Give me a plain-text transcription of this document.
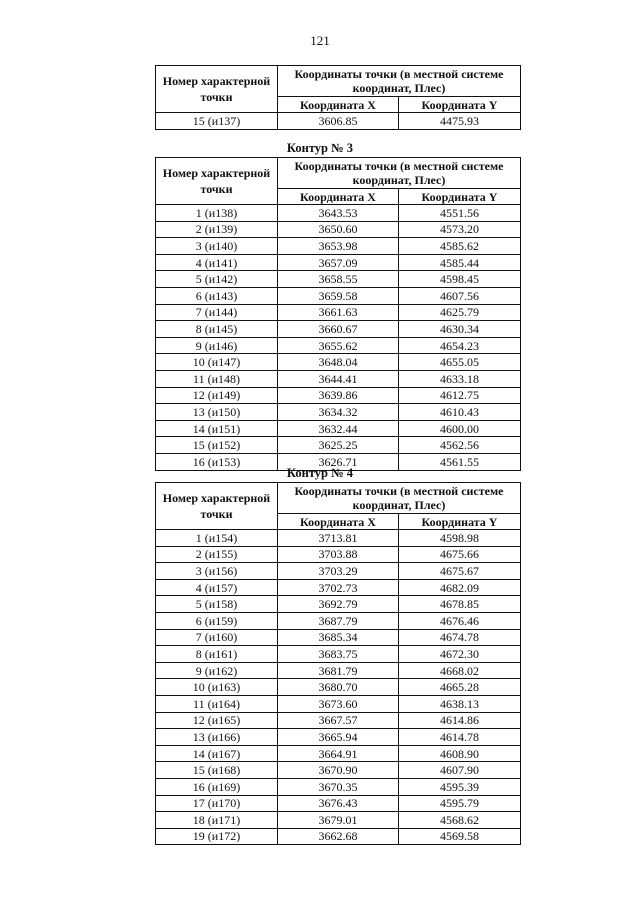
121
Номер характерной точки	Координаты точки (в местной системе координат, Плес)	
	Координата X	Координата Y
15 (и137)	3606.85	4475.93
Контур № 3
Номер характерной точки	Координаты точки (в местной системе координат, Плес)	
	Координата X	Координата Y
1 (и138)	3643.53	4551.56
2 (и139)	3650.60	4573.20
3 (и140)	3653.98	4585.62
4 (и141)	3657.09	4585.44
5 (и142)	3658.55	4598.45
6 (и143)	3659.58	4607.56
7 (и144)	3661.63	4625.79
8 (и145)	3660.67	4630.34
9 (и146)	3655.62	4654.23
10 (и147)	3648.04	4655.05
11 (и148)	3644.41	4633.18
12 (и149)	3639.86	4612.75
13 (и150)	3634.32	4610.43
14 (и151)	3632.44	4600.00
15 (и152)	3625.25	4562.56
16 (и153)	3626.71	4561.55
Контур № 4
Номер характерной точки	Координаты точки (в местной системе координат, Плес)	
	Координата X	Координата Y
1 (и154)	3713.81	4598.98
2 (и155)	3703.88	4675.66
3 (и156)	3703.29	4675.67
4 (и157)	3702.73	4682.09
5 (и158)	3692.79	4678.85
6 (и159)	3687.79	4676.46
7 (и160)	3685.34	4674.78
8 (и161)	3683.75	4672.30
9 (и162)	3681.79	4668.02
10 (и163)	3680.70	4665.28
11 (и164)	3673.60	4638.13
12 (и165)	3667.57	4614.86
13 (и166)	3665.94	4614.78
14 (и167)	3664.91	4608.90
15 (и168)	3670.90	4607.90
16 (и169)	3670.35	4595.39
17 (и170)	3676.43	4595.79
18 (и171)	3679.01	4568.62
19 (и172)	3662.68	4569.58
